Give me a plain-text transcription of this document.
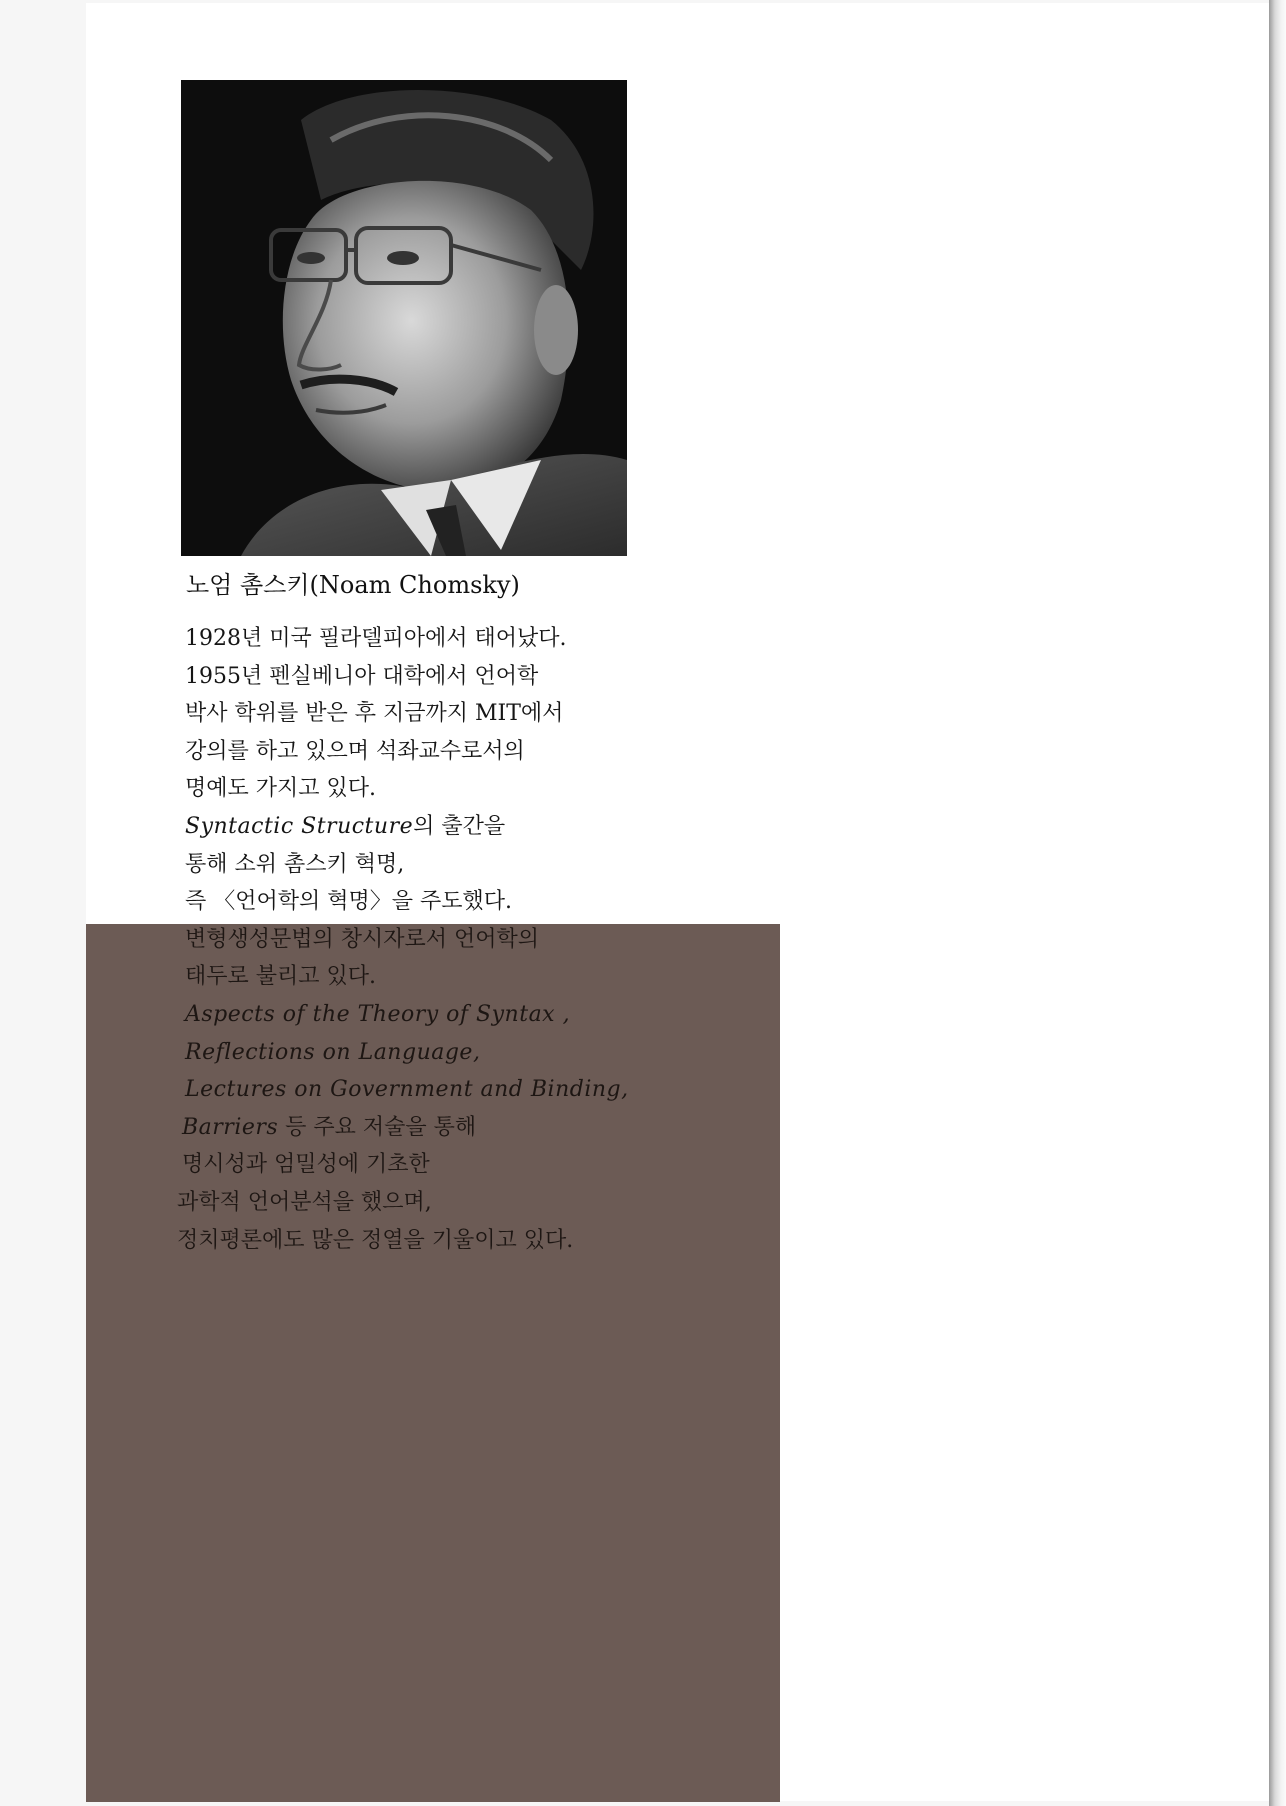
노엄 촘스키(Noam Chomsky)
1928년 미국 필라델피아에서 태어났다.
1955년 펜실베니아 대학에서 언어학
박사 학위를 받은 후 지금까지 MIT에서
강의를 하고 있으며 석좌교수로서의
명예도 가지고 있다.
Syntactic Structure의 출간을
통해 소위 촘스키 혁명,
즉 〈언어학의 혁명〉을 주도했다.
변형생성문법의 창시자로서 언어학의
태두로 불리고 있다.
Aspects of the Theory of Syntax ,
Reflections on Language,
Lectures on Government and Binding,
Barriers 등 주요 저술을 통해
명시성과 엄밀성에 기초한
과학적 언어분석을 했으며,
정치평론에도 많은 정열을 기울이고 있다.
